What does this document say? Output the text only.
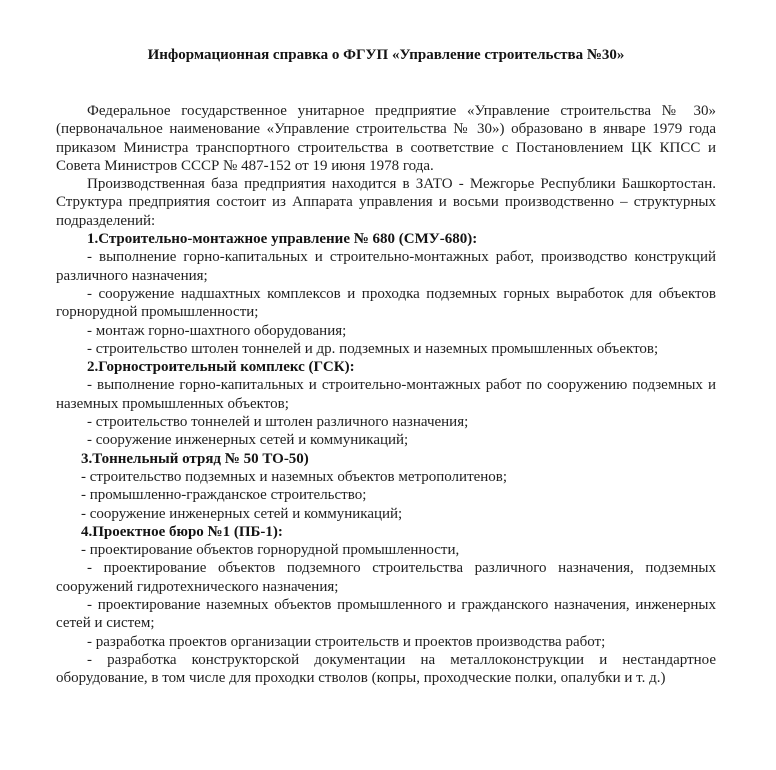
Информационная справка о ФГУП «Управление строительства №30»

Федеральное государственное унитарное предприятие «Управление строительства № 30» (первоначальное наименование «Управление строительства № 30») образовано в январе 1979 года приказом Министра транспортного строительства в соответствие с Постановлением ЦК КПСС и Совета Министров СССР № 487-152 от 19 июня 1978 года.

Производственная база предприятия находится в ЗАТО - Межгорье Республики Башкортостан. Структура предприятия состоит из Аппарата управления и восьми производственно – структурных подразделений:

1.Строительно-монтажное управление № 680 (СМУ-680):

- выполнение горно-капитальных и строительно-монтажных работ, производство конструкций различного назначения;

- сооружение надшахтных комплексов и проходка подземных горных выработок для объектов горнорудной промышленности;

- монтаж горно-шахтного оборудования;

- строительство штолен тоннелей и др. подземных и наземных промышленных объектов;

2.Горностроительный комплекс (ГСК):

- выполнение горно-капитальных и строительно-монтажных работ по сооружению подземных и наземных промышленных объектов;

- строительство тоннелей и штолен различного назначения;

- сооружение инженерных сетей и коммуникаций;

3.Тоннельный отряд № 50 ТО-50)

- строительство подземных и наземных объектов метрополитенов;

- промышленно-гражданское строительство;

- сооружение инженерных сетей и коммуникаций;

4.Проектное бюро №1 (ПБ-1):

- проектирование объектов горнорудной промышленности,

- проектирование объектов подземного строительства различного назначения, подземных сооружений гидротехнического назначения;

- проектирование наземных объектов промышленного и гражданского назначения, инженерных сетей и систем;

- разработка проектов организации строительств и проектов производства работ;

- разработка конструкторской документации на металлоконструкции и нестандартное оборудование, в том числе для проходки стволов (копры, проходческие полки, опалубки и т. д.)
